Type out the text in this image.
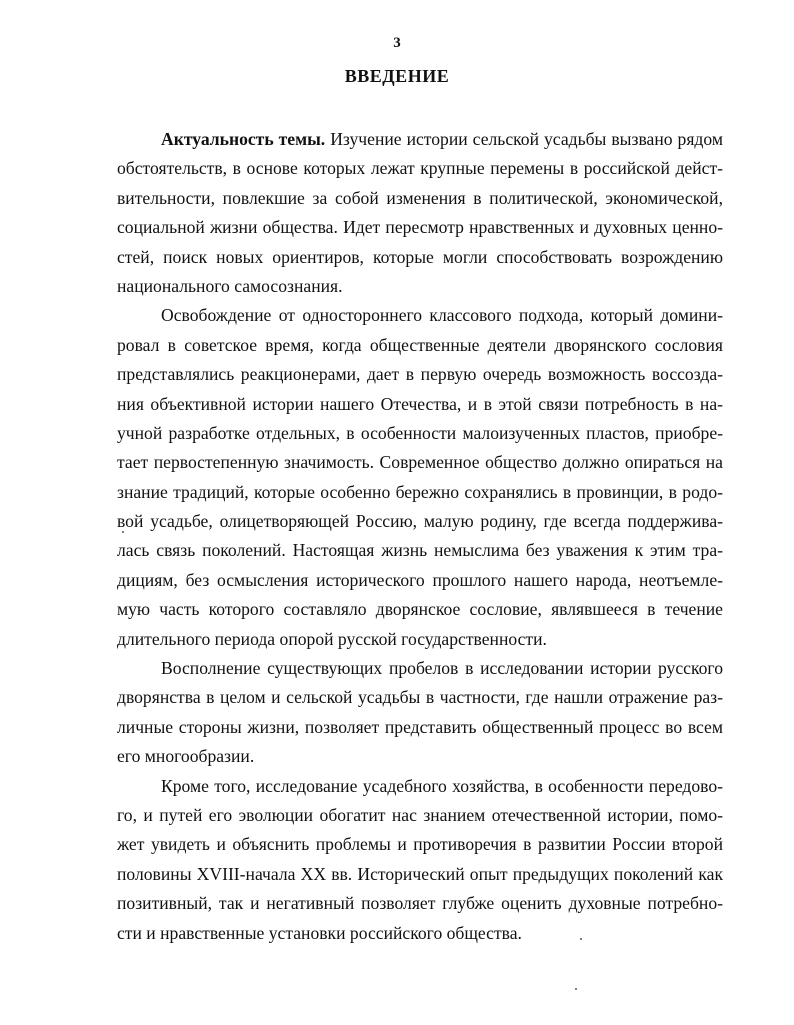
3
ВВЕДЕНИЕ
Актуальность темы. Изучение истории сельской усадьбы вызвано рядом
обстоятельств, в основе которых лежат крупные перемены в российской дейст-
вительности, повлекшие за собой изменения в политической, экономической,
социальной жизни общества. Идет пересмотр нравственных и духовных ценно-
стей, поиск новых ориентиров, которые могли способствовать возрождению
национального самосознания.
Освобождение от одностороннего классового подхода, который домини-
ровал в советское время, когда общественные деятели дворянского сословия
представлялись реакционерами, дает в первую очередь возможность воссозда-
ния объективной истории нашего Отечества, и в этой связи потребность в на-
учной разработке отдельных, в особенности малоизученных пластов, приобре-
тает первостепенную значимость. Современное общество должно опираться на
знание традиций, которые особенно бережно сохранялись в провинции, в родо-
вой усадьбе, олицетворяющей Россию, малую родину, где всегда поддержива-
лась связь поколений. Настоящая жизнь немыслима без уважения к этим тра-
дициям, без осмысления исторического прошлого нашего народа, неотъемле-
мую часть которого составляло дворянское сословие, являвшееся в течение
длительного периода опорой русской государственности.
Восполнение существующих пробелов в исследовании истории русского
дворянства в целом и сельской усадьбы в частности, где нашли отражение раз-
личные стороны жизни, позволяет представить общественный процесс во всем
его многообразии.
Кроме того, исследование усадебного хозяйства, в особенности передово-
го, и путей его эволюции обогатит нас знанием отечественной истории, помо-
жет увидеть и объяснить проблемы и противоречия в развитии России второй
половины XVIII-начала XX вв. Исторический опыт предыдущих поколений как
позитивный, так и негативный позволяет глубже оценить духовные потребно-
сти и нравственные установки российского общества.
